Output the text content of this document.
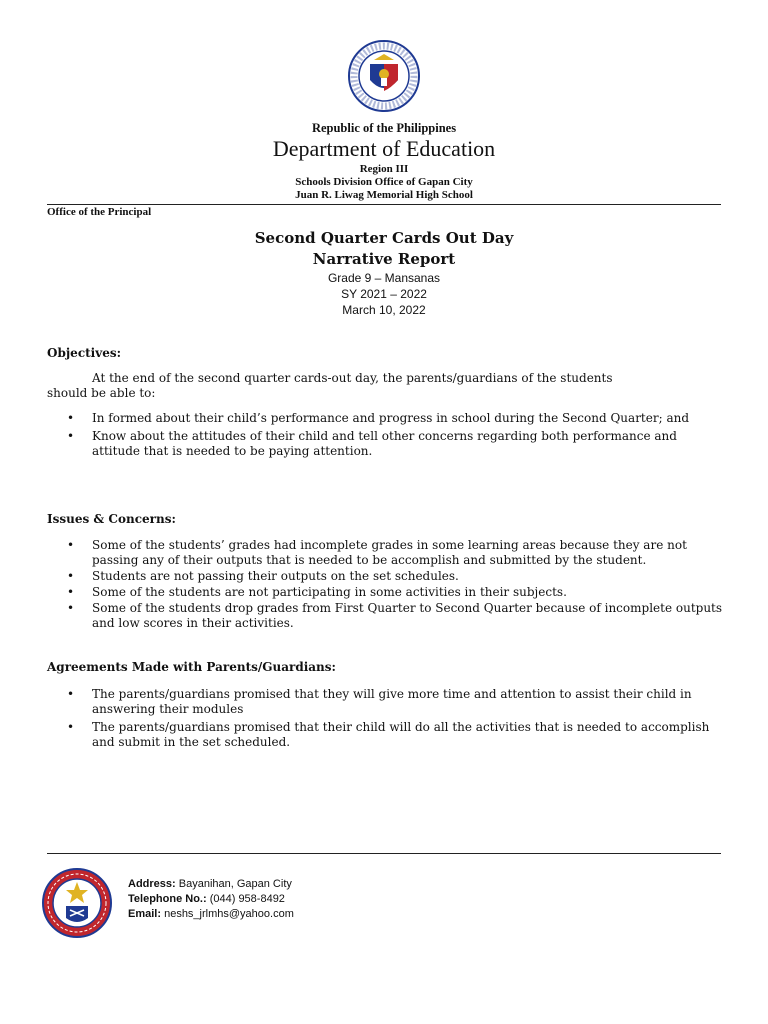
Republic of the Philippines
Department of Education
Region III
Schools Division Office of Gapan City
Juan R. Liwag Memorial High School
Office of the Principal
Second Quarter Cards Out Day
Narrative Report
Grade 9 – Mansanas
SY 2021 – 2022
March 10, 2022
Objectives:
At the end of the second quarter cards-out day, the parents/guardians of the students
should be able to:
• In formed about their child’s performance and progress in school during the Second Quarter; and
• Know about the attitudes of their child and tell other concerns regarding both performance and attitude that is needed to be paying attention.
Issues & Concerns:
• Some of the students’ grades had incomplete grades in some learning areas because they are not passing any of their outputs that is needed to be accomplish and submitted by the student.
• Students are not passing their outputs on the set schedules.
• Some of the students are not participating in some activities in their subjects.
• Some of the students drop grades from First Quarter to Second Quarter because of incomplete outputs and low scores in their activities.
Agreements Made with Parents/Guardians:
• The parents/guardians promised that they will give more time and attention to assist their child in answering their modules
• The parents/guardians promised that their child will do all the activities that is needed to accomplish and submit in the set scheduled.
Address: Bayanihan, Gapan City
Telephone No.: (044) 958-8492
Email: neshs_jrlmhs@yahoo.com
